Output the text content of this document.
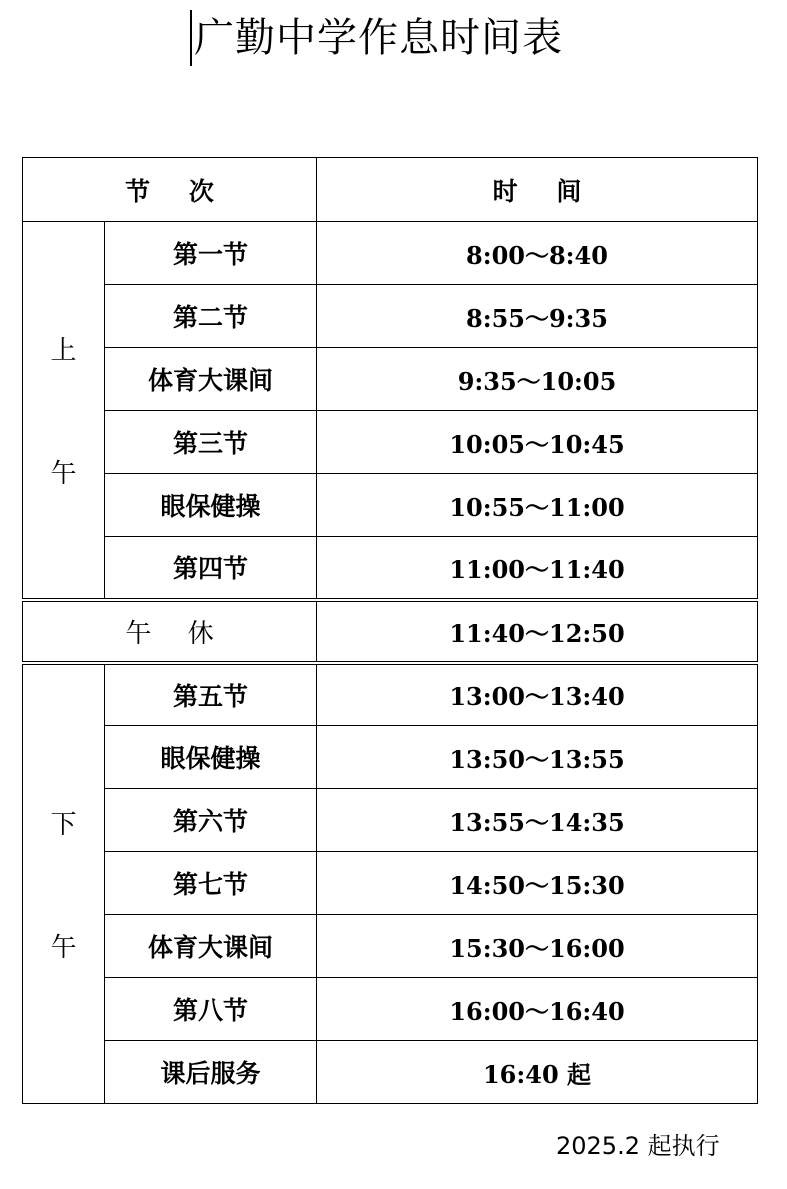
广勤中学作息时间表
节 次		时 间

上
午	第一节	8:00～8:40
	第二节	8:55～9:35
	体育大课间	9:35～10:05
	第三节	10:05～10:45
	眼保健操	10:55～11:00
	第四节	11:00～11:40
午 休		11:40～12:50

下
午	第五节	13:00～13:40
	眼保健操	13:50～13:55
	第六节	13:55～14:35
	第七节	14:50～15:30
	体育大课间	15:30～16:00
	第八节	16:00～16:40
	课后服务	16:40 起
2025.2 起执行
